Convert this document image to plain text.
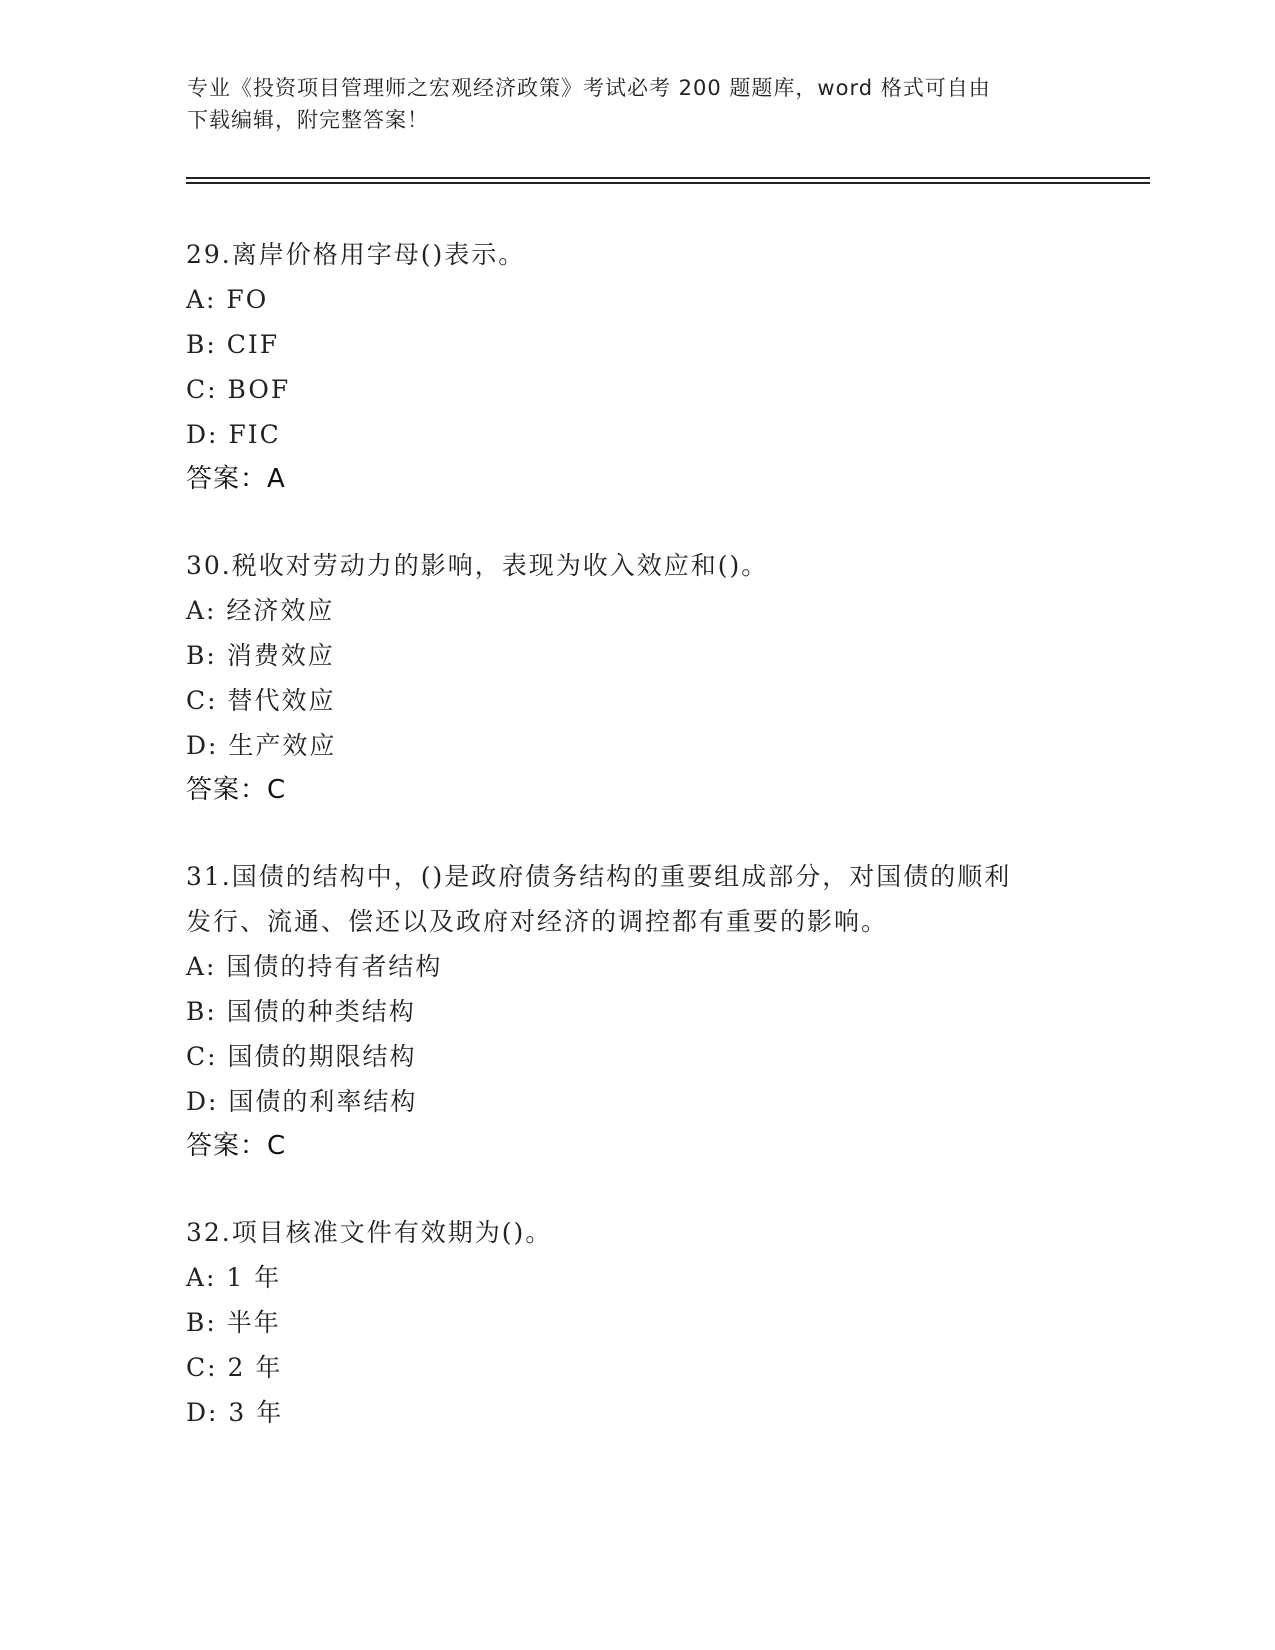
专业《投资项目管理师之宏观经济政策》考试必考 200 题题库，word 格式可自由
下载编辑，附完整答案！
29.离岸价格用字母()表示。
A: FO
B: CIF
C: BOF
D: FIC
答案：A
30.税收对劳动力的影响，表现为收入效应和()。
A: 经济效应
B: 消费效应
C: 替代效应
D: 生产效应
答案：C
31.国债的结构中，()是政府债务结构的重要组成部分，对国债的顺利
发行、流通、偿还以及政府对经济的调控都有重要的影响。
A: 国债的持有者结构
B: 国债的种类结构
C: 国债的期限结构
D: 国债的利率结构
答案：C
32.项目核准文件有效期为()。
A: 1 年
B: 半年
C: 2 年
D: 3 年
